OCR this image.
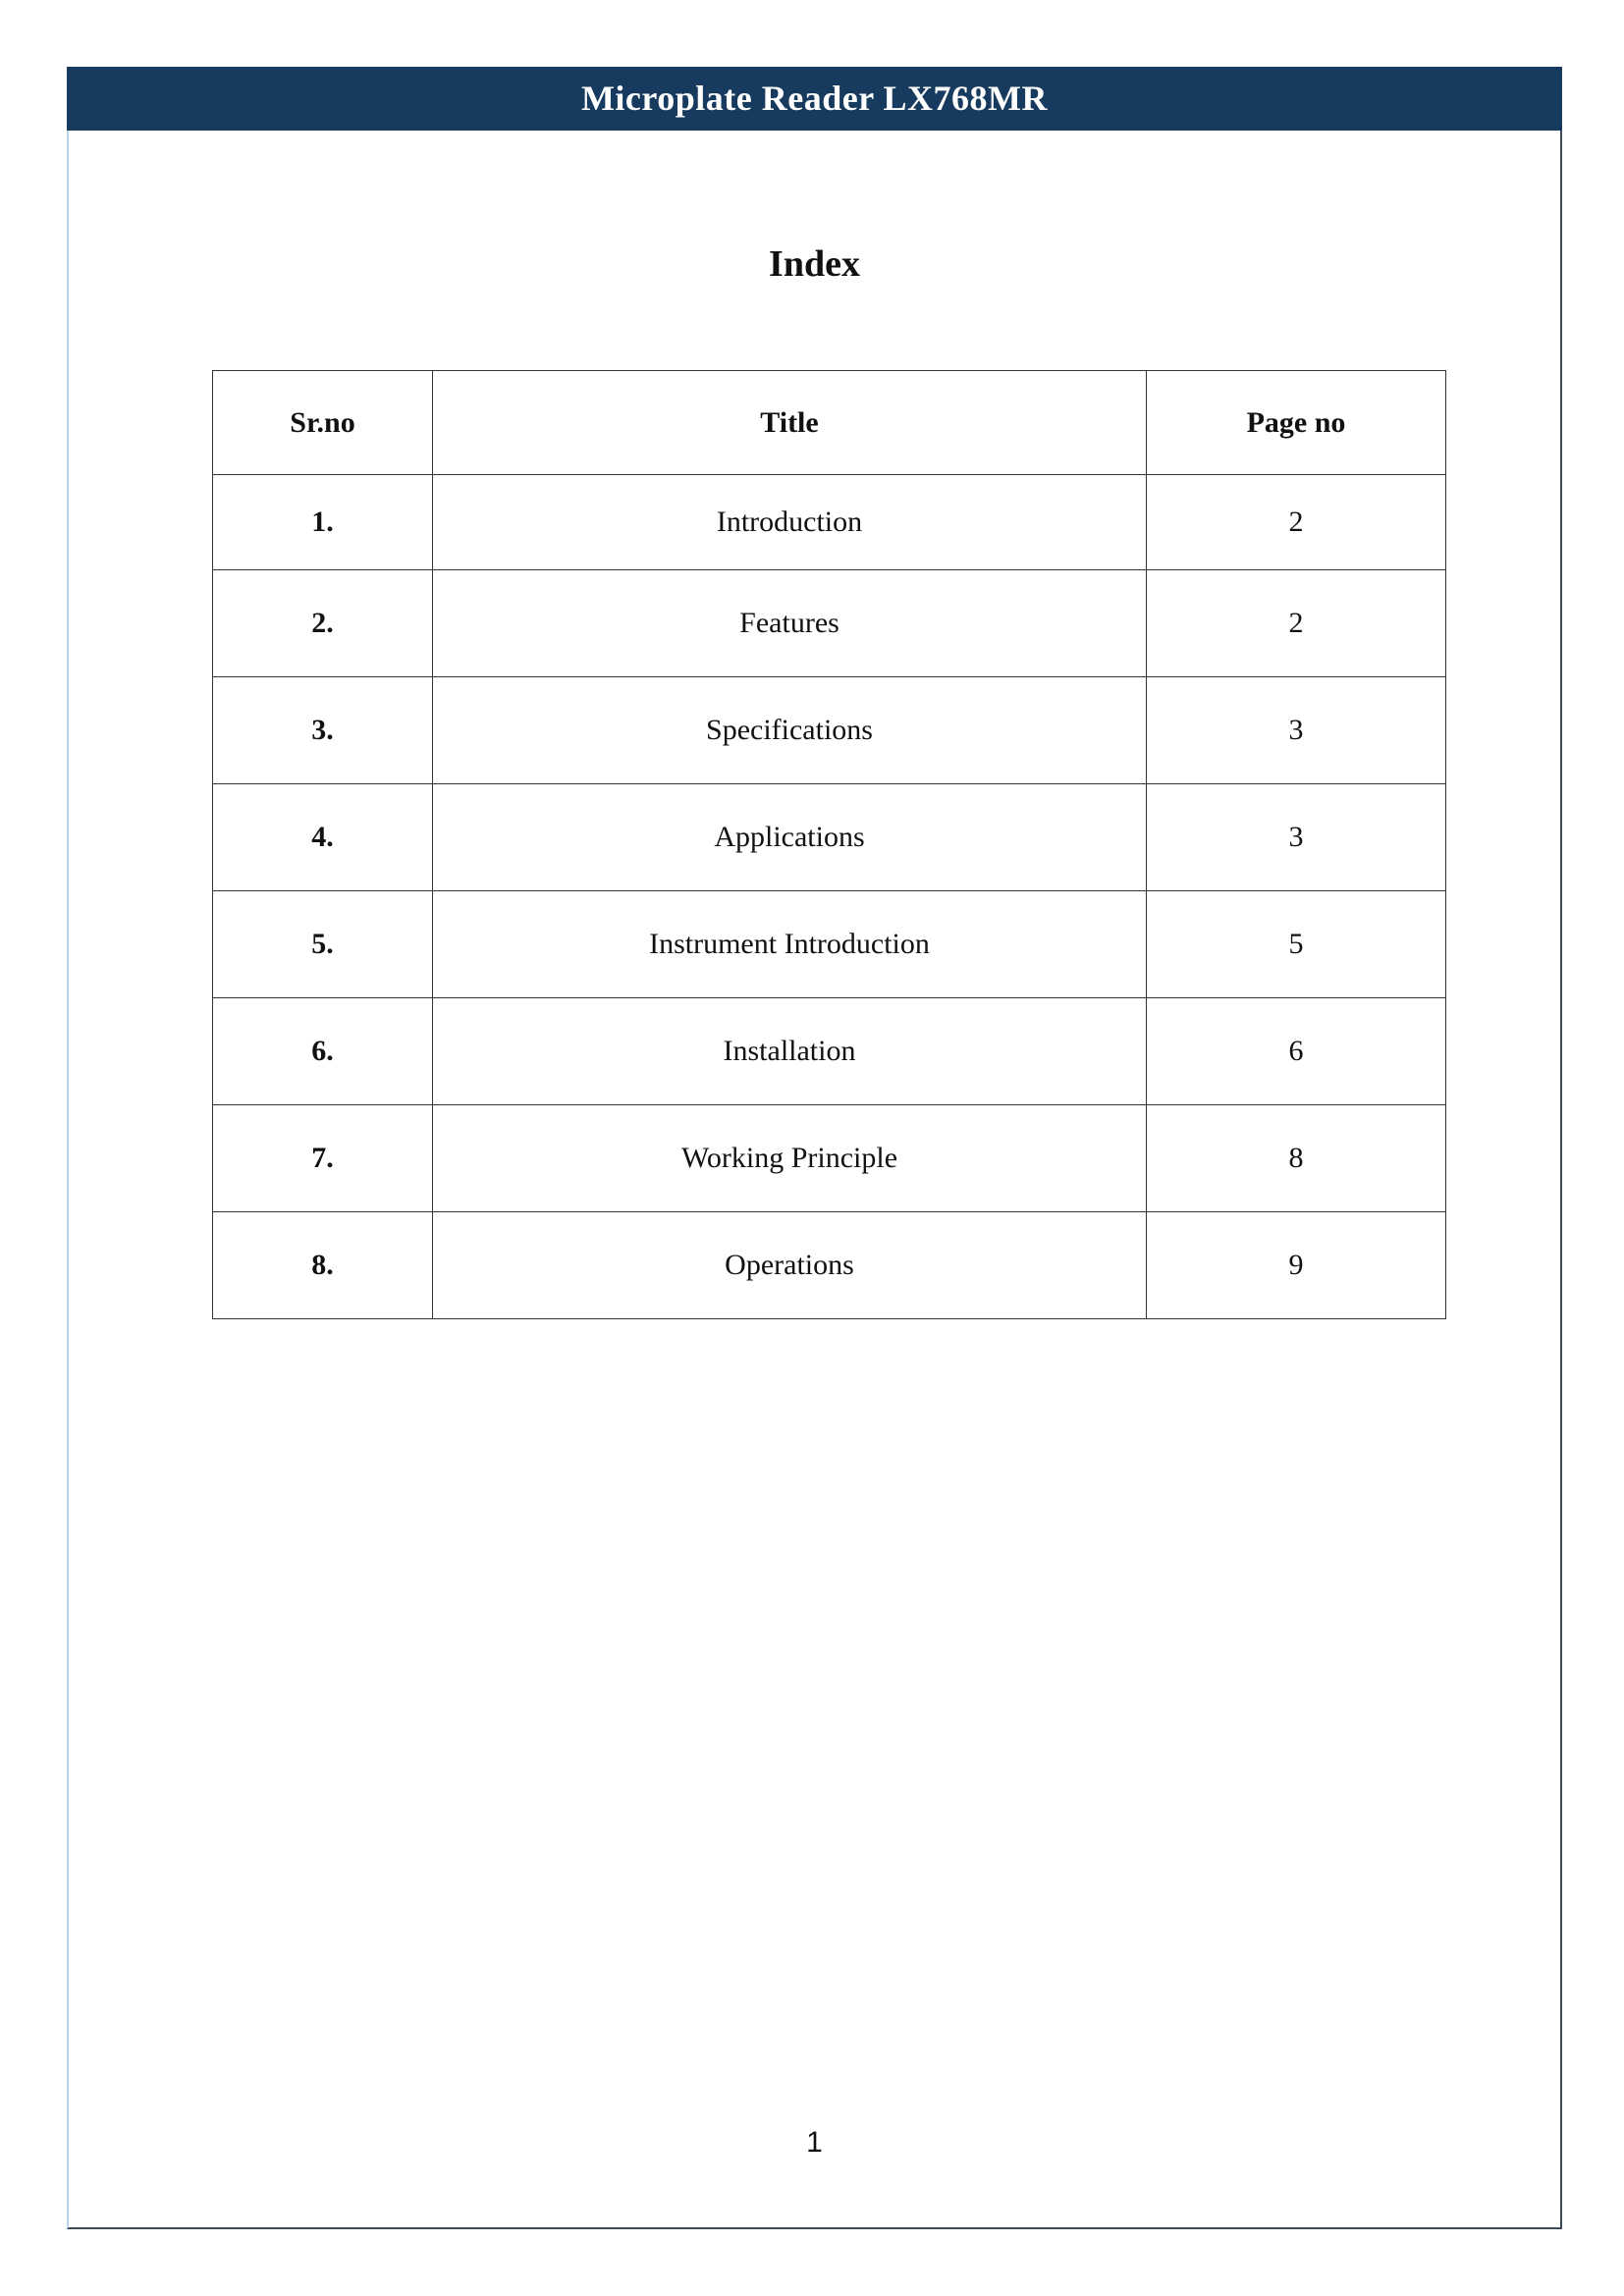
Microplate Reader LX768MR
Index
Sr.no	Title	Page no
1.	Introduction	2
2.	Features	2
3.	Specifications	3
4.	Applications	3
5.	Instrument Introduction	5
6.	Installation	6
7.	Working Principle	8
8.	Operations	9
1
